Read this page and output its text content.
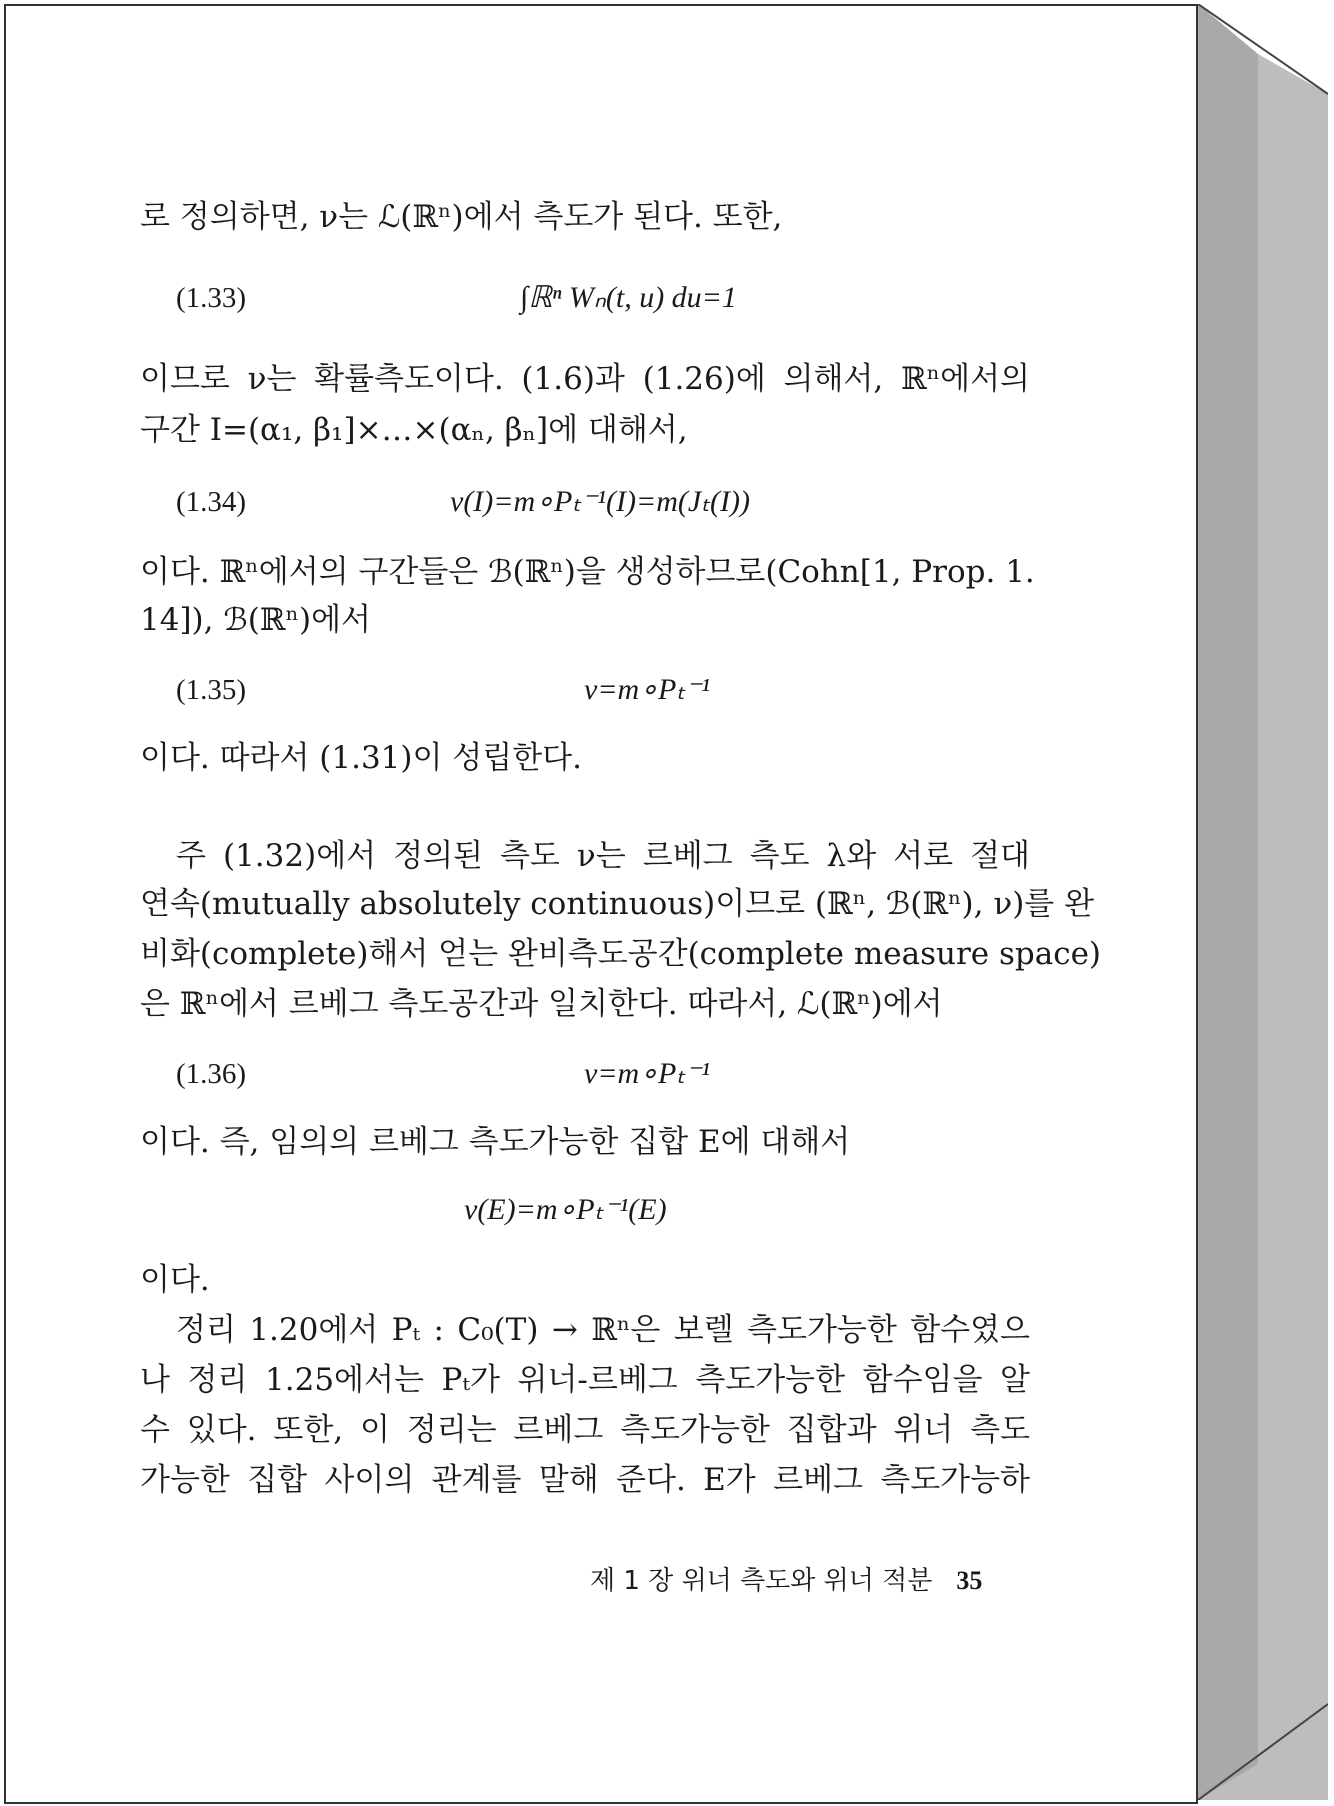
로 정의하면, ν는 ℒ(ℝⁿ)에서 측도가 된다. 또한,
(1.33)	∫ℝⁿ Wₙ(t, u) du=1
이므로 ν는 확률측도이다. (1.6)과 (1.26)에 의해서, ℝⁿ에서의
구간 I=(α₁, β₁]×…×(αₙ, βₙ]에 대해서,
(1.34)	ν(I)=m∘Pₜ⁻¹(I)=m(Jₜ(I))
이다. ℝⁿ에서의 구간들은 ℬ(ℝⁿ)을 생성하므로(Cohn[1, Prop. 1.
14]), ℬ(ℝⁿ)에서
(1.35)	ν=m∘Pₜ⁻¹
이다. 따라서 (1.31)이 성립한다.
주 (1.32)에서 정의된 측도 ν는 르베그 측도 λ와 서로 절대
연속(mutually absolutely continuous)이므로 (ℝⁿ, ℬ(ℝⁿ), ν)를 완
비화(complete)해서 얻는 완비측도공간(complete measure space)
은 ℝⁿ에서 르베그 측도공간과 일치한다. 따라서, ℒ(ℝⁿ)에서
(1.36)	ν=m∘Pₜ⁻¹
이다. 즉, 임의의 르베그 측도가능한 집합 E에 대해서
ν(E)=m∘Pₜ⁻¹(E)
이다.
정리 1.20에서 Pₜ : C₀(T) → ℝⁿ은 보렐 측도가능한 함수였으
나 정리 1.25에서는 Pₜ가 위너-르베그 측도가능한 함수임을 알
수 있다. 또한, 이 정리는 르베그 측도가능한 집합과 위너 측도
가능한 집합 사이의 관계를 말해 준다. E가 르베그 측도가능하
제 1 장 위너 측도와 위너 적분 35
